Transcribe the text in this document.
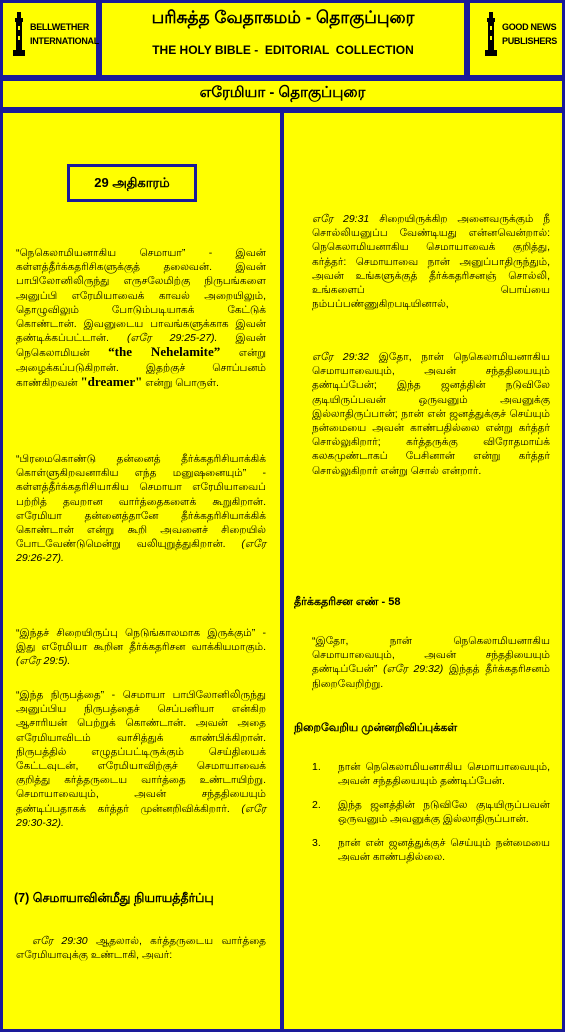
BELLWETHER
INTERNATIONAL
பரிசுத்த வேதாகமம் - தொகுப்புரை
THE HOLY BIBLE -  EDITORIAL  COLLECTION
GOOD NEWS
PUBLISHERS
எரேமியா - தொகுப்புரை
29 அதிகாரம்
“நெகெலாமியனாகிய செமாயா” - இவன் கள்ளத்தீர்க்கதரிசிகளுக்குத் தலைவன். இவன் பாபிலோனிலிருந்து எருசலேமிற்கு நிருபங்களை அனுப்பி எரேமியாவைக் காவல் அறையிலும், தொழுவிலும் போடும்படியாகக் கேட்டுக் கொண்டான். இவனுடைய பாவங்களுக்காக இவன் தண்டிக்கப்பட்டான். (எரே 29:25-27). இவன் நெகெலாமியன் “the Nehelamite” என்று அழைக்கப்படுகிறான். இதற்குச் சொப்பனம் காண்கிறவன் "dreamer" என்று பொருள்.
“பிரமைகொண்டு தன்னைத் தீர்க்கதரிசியாக்கிக் கொள்ளுகிறவனாகிய எந்த மனுஷனையும்” - கள்ளத்தீர்க்கதரிசியாகிய செமாயா எரேமியாவைப் பற்றித் தவறான வார்த்தைகளைக் கூறுகிறான். எரேமியா தன்னைத்தானே தீர்க்கதரிசியாக்கிக் கொண்டான் என்று கூறி அவனைச் சிறையில் போடவேண்டுமென்று வலியுறுத்துகிறான். (எரே 29:26-27).
“இந்தச் சிறையிருப்பு நெடுங்காலமாக இருக்கும்” - இது எரேமியா கூறின தீர்க்கதரிசன வாக்கியமாகும். (எரே 29:5).
“இந்த நிருபத்தை” - செமாயா பாபிலோனிலிருந்து அனுப்பிய நிருபத்தைச் செப்பனியா என்கிற ஆசாரியன் பெற்றுக் கொண்டான். அவன் அதை எரேமியாவிடம் வாசித்துக் காண்பிக்கிறான். நிருபத்தில் எழுதப்பட்டிருக்கும் செய்தியைக் கேட்டவுடன், எரேமியாவிற்குச் செமாயாவைக் குறித்து கர்த்தருடைய வார்த்தை உண்டாயிற்று. செமாயாவையும், அவன் சந்ததியையும் தண்டிப்பதாகக் கர்த்தர் முன்னறிவிக்கிறார். (எரே 29:30-32).
(7) செமாயாவின்மீது நியாயத்தீர்ப்பு
எரே 29:30 ஆதலால், கர்த்தருடைய வார்த்தை எரேமியாவுக்கு உண்டாகி, அவர்:
எரே 29:31 சிறையிருக்கிற அனைவருக்கும் நீ சொல்லியனுப்ப வேண்டியது என்னவென்றால்: நெகெலாமியனாகிய செமாயாவைக் குறித்து, கர்த்தர்: செமாயாவை நான் அனுப்பாதிருந்தும், அவன் உங்களுக்குத் தீர்க்கதரிசனஞ் சொல்லி, உங்களைப் பொய்யை நம்பப்பண்ணுகிறபடியினால்,
எரே 29:32 இதோ, நான் நெகெலாமியனாகிய செமாயாவையும், அவன் சந்ததியையும் தண்டிப்பேன்; இந்த ஜனத்தின் நடுவிலே குடியிருப்பவன் ஒருவனும் அவனுக்கு இல்லாதிருப்பான்; நான் என் ஜனத்துக்குச் செய்யும் நன்மையை அவன் காண்பதில்லை என்று கர்த்தர் சொல்லுகிறார்; கர்த்தருக்கு விரோதமாய்க் கலகமுண்டாகப் பேசினான் என்று கர்த்தர் சொல்லுகிறார் என்று சொல் என்றார்.
தீர்க்கதரிசன எண் - 58
“இதோ, நான் நெகெலாமியனாகிய செமாயாவையும், அவன் சந்ததியையும் தண்டிப்பேன்” (எரே 29:32) இந்தத் தீர்க்கதரிசனம் நிறைவேறிற்று.
நிறைவேறிய முன்னறிவிப்புக்கள்
1. நான் நெகெலாமியனாகிய செமாயாவையும், அவன் சந்ததியையும் தண்டிப்பேன்.
2. இந்த ஜனத்தின் நடுவிலே குடியிருப்பவன் ஒருவனும் அவனுக்கு இல்லாதிருப்பான்.
3. நான் என் ஜனத்துக்குச் செய்யும் நன்மையை அவன் காண்பதில்லை.
